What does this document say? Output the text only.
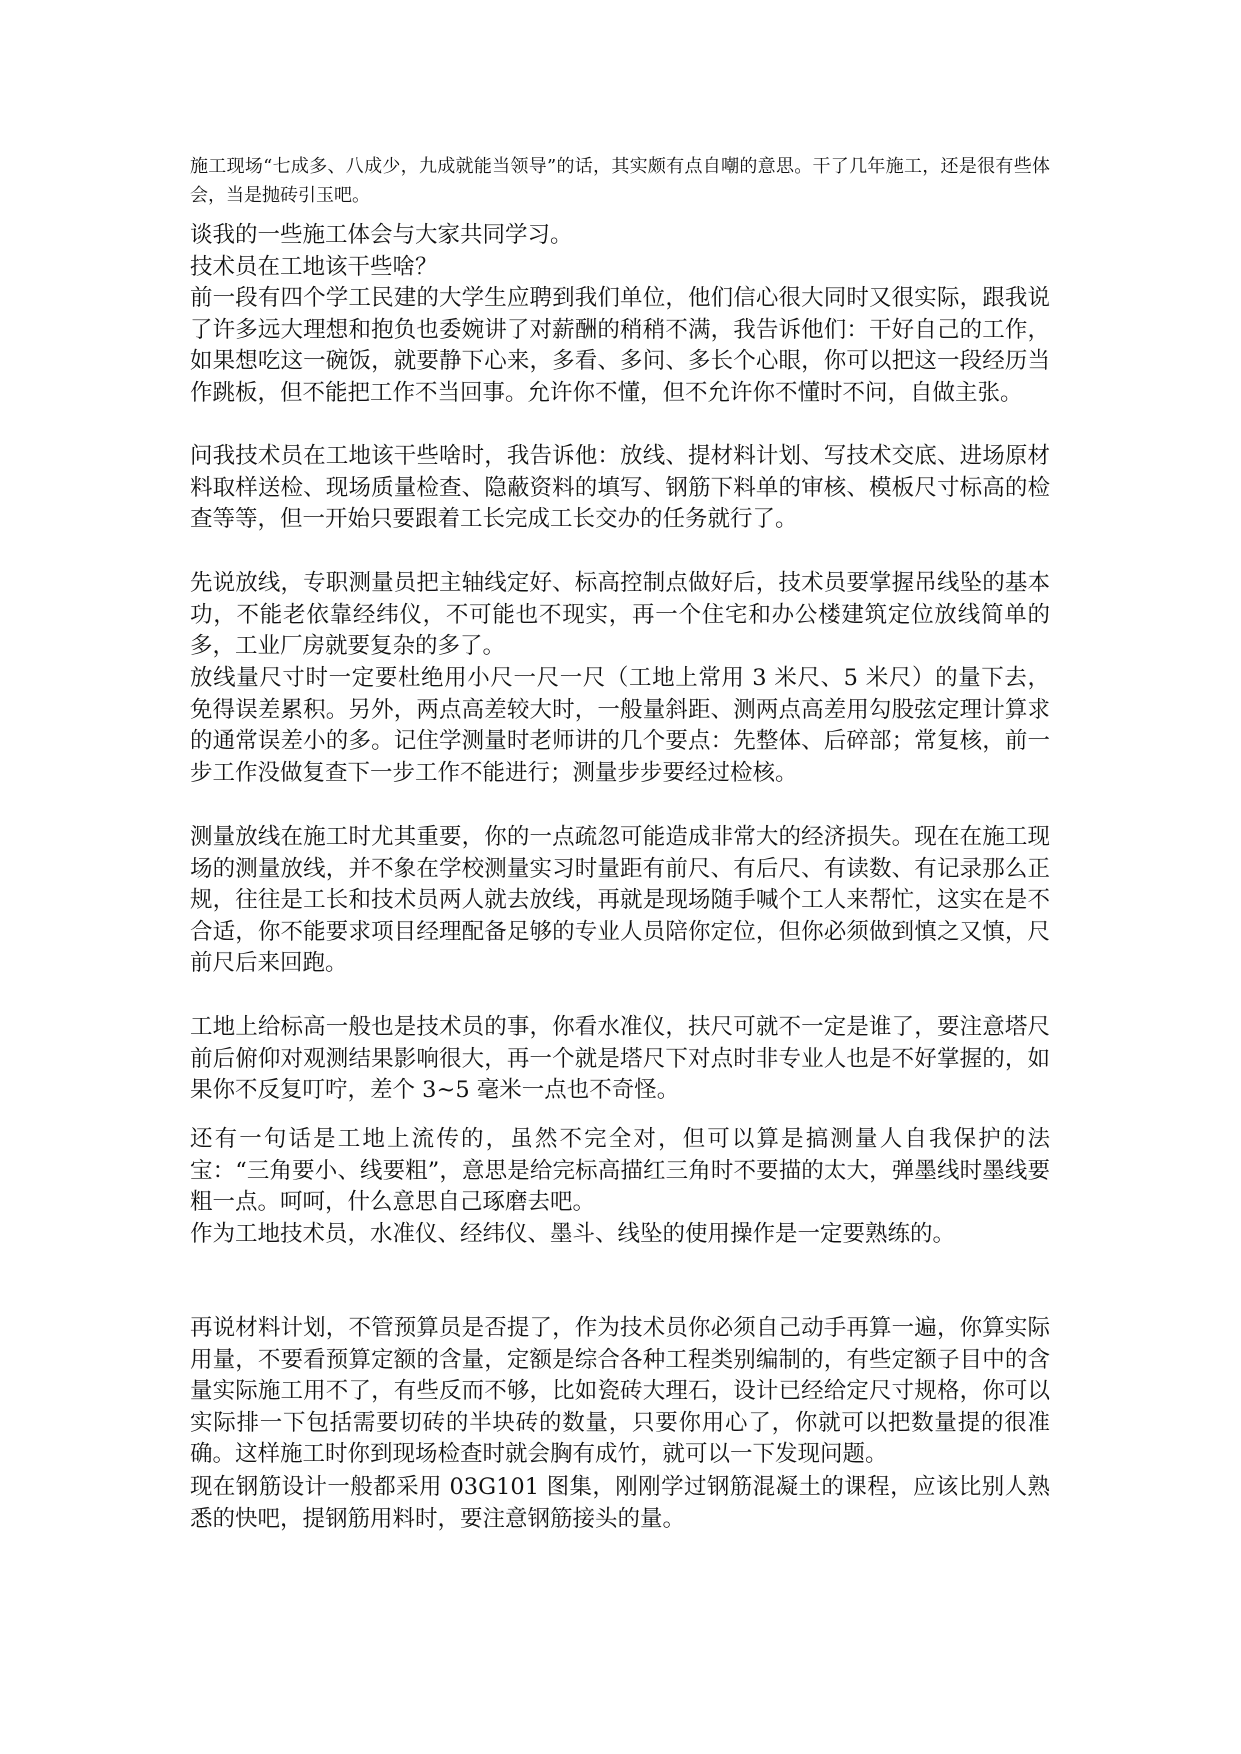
施工现场“七成多、八成少，九成就能当领导”的话，其实颇有点自嘲的意思。干了几年施工，还是很有些体会，当是抛砖引玉吧。

谈我的一些施工体会与大家共同学习。

技术员在工地该干些啥？

前一段有四个学工民建的大学生应聘到我们单位，他们信心很大同时又很实际，跟我说了许多远大理想和抱负也委婉讲了对薪酬的稍稍不满，我告诉他们：干好自己的工作，如果想吃这一碗饭，就要静下心来，多看、多问、多长个心眼，你可以把这一段经历当作跳板，但不能把工作不当回事。允许你不懂，但不允许你不懂时不问，自做主张。

问我技术员在工地该干些啥时，我告诉他：放线、提材料计划、写技术交底、进场原材料取样送检、现场质量检查、隐蔽资料的填写、钢筋下料单的审核、模板尺寸标高的检查等等，但一开始只要跟着工长完成工长交办的任务就行了。

先说放线，专职测量员把主轴线定好、标高控制点做好后，技术员要掌握吊线坠的基本功，不能老依靠经纬仪，不可能也不现实，再一个住宅和办公楼建筑定位放线简单的多，工业厂房就要复杂的多了。

放线量尺寸时一定要杜绝用小尺一尺一尺（工地上常用 3 米尺、5 米尺）的量下去，免得误差累积。另外，两点高差较大时，一般量斜距、测两点高差用勾股弦定理计算求的通常误差小的多。记住学测量时老师讲的几个要点：先整体、后碎部；常复核，前一步工作没做复查下一步工作不能进行；测量步步要经过检核。

测量放线在施工时尤其重要，你的一点疏忽可能造成非常大的经济损失。现在在施工现场的测量放线，并不象在学校测量实习时量距有前尺、有后尺、有读数、有记录那么正规，往往是工长和技术员两人就去放线，再就是现场随手喊个工人来帮忙，这实在是不合适，你不能要求项目经理配备足够的专业人员陪你定位，但你必须做到慎之又慎，尺前尺后来回跑。

工地上给标高一般也是技术员的事，你看水准仪，扶尺可就不一定是谁了，要注意塔尺前后俯仰对观测结果影响很大，再一个就是塔尺下对点时非专业人也是不好掌握的，如果你不反复叮咛，差个 3~5 毫米一点也不奇怪。

还有一句话是工地上流传的，虽然不完全对，但可以算是搞测量人自我保护的法宝：“三角要小、线要粗”，意思是给完标高描红三角时不要描的太大，弹墨线时墨线要粗一点。呵呵，什么意思自己琢磨去吧。

作为工地技术员，水准仪、经纬仪、墨斗、线坠的使用操作是一定要熟练的。

再说材料计划，不管预算员是否提了，作为技术员你必须自己动手再算一遍，你算实际用量，不要看预算定额的含量，定额是综合各种工程类别编制的，有些定额子目中的含量实际施工用不了，有些反而不够，比如瓷砖大理石，设计已经给定尺寸规格，你可以实际排一下包括需要切砖的半块砖的数量，只要你用心了，你就可以把数量提的很准确。这样施工时你到现场检查时就会胸有成竹，就可以一下发现问题。

现在钢筋设计一般都采用 03G101 图集，刚刚学过钢筋混凝土的课程，应该比别人熟悉的快吧，提钢筋用料时，要注意钢筋接头的量。
